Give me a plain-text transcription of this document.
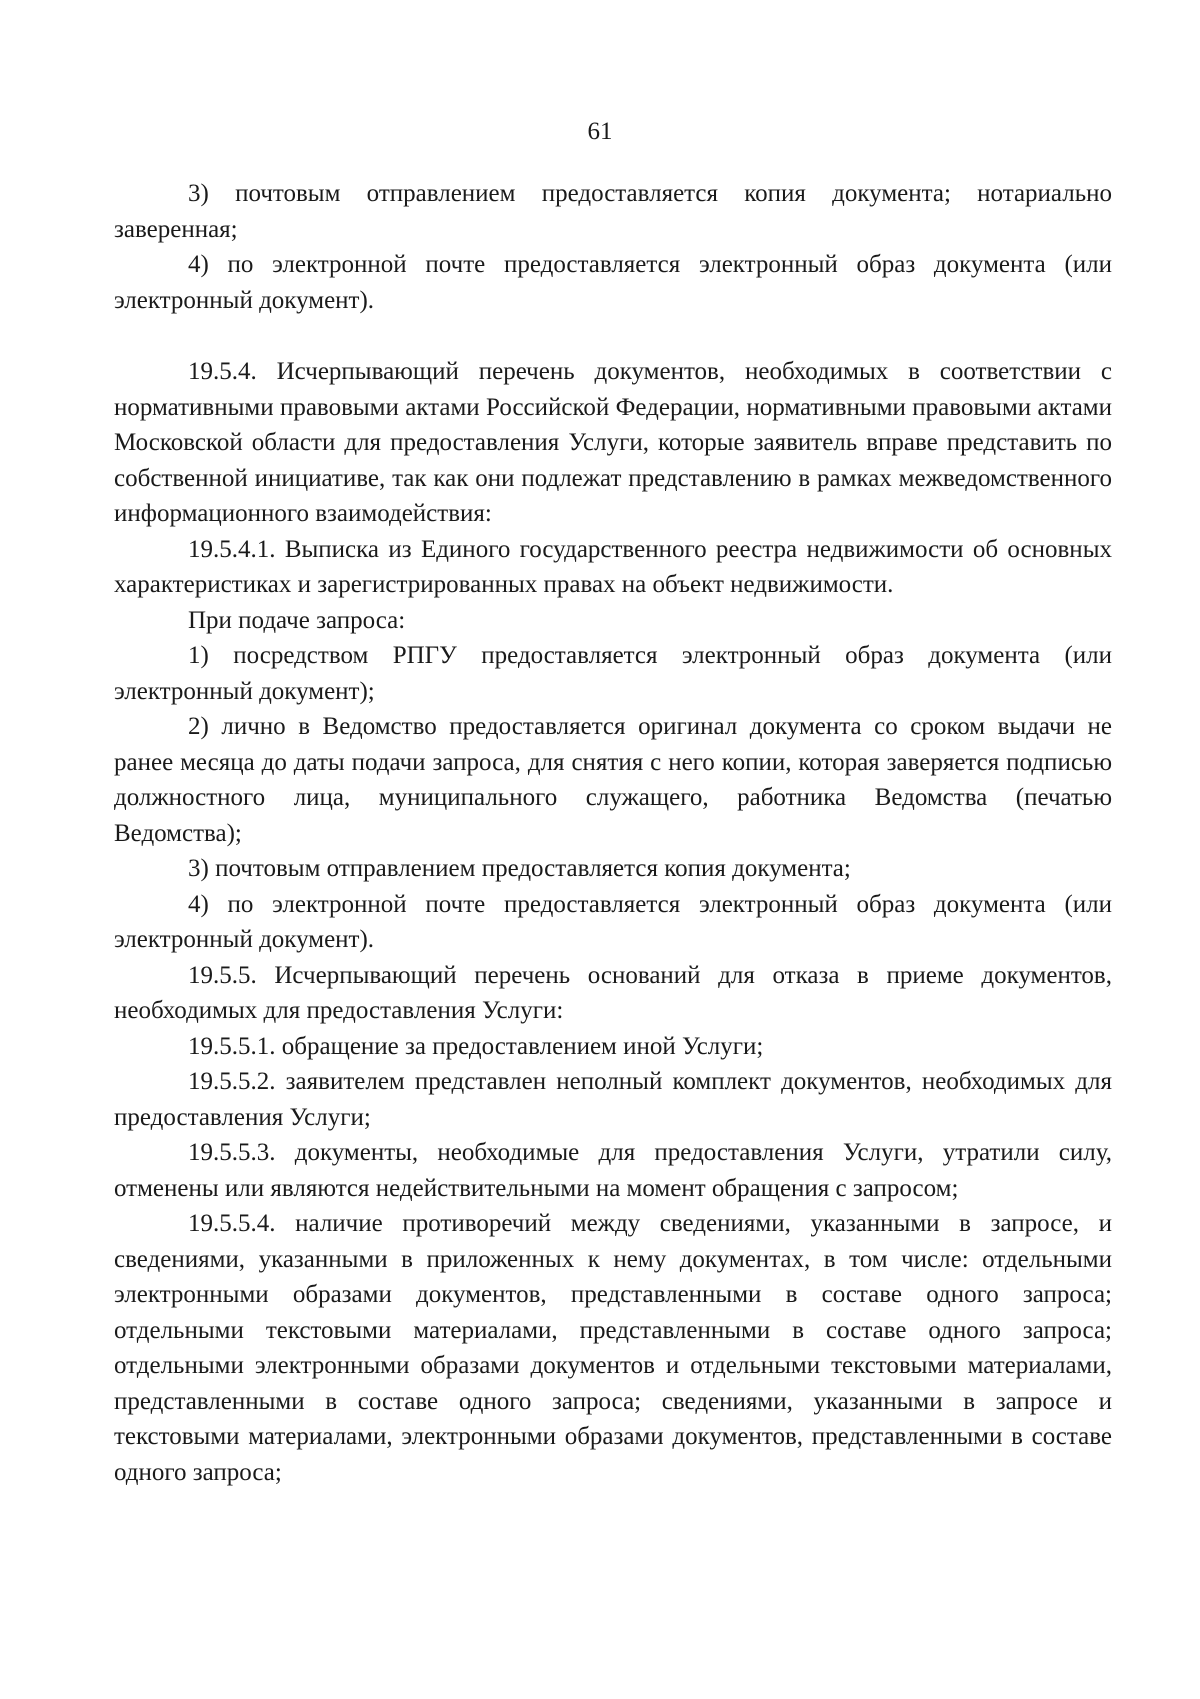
61

3) почтовым отправлением предоставляется копия документа; нотариально заверенная;

4) по электронной почте предоставляется электронный образ документа (или электронный документ).

19.5.4. Исчерпывающий перечень документов, необходимых в соответствии с нормативными правовыми актами Российской Федерации, нормативными правовыми актами Московской области для предоставления Услуги, которые заявитель вправе представить по собственной инициативе, так как они подлежат представлению в рамках межведомственного информационного взаимодействия:

19.5.4.1. Выписка из Единого государственного реестра недвижимости об основных характеристиках и зарегистрированных правах на объект недвижимости.

При подаче запроса:

1) посредством РПГУ предоставляется электронный образ документа (или электронный документ);

2) лично в Ведомство предоставляется оригинал документа со сроком выдачи не ранее месяца до даты подачи запроса, для снятия с него копии, которая заверяется подписью должностного лица, муниципального служащего, работника Ведомства (печатью Ведомства);

3) почтовым отправлением предоставляется копия документа;

4) по электронной почте предоставляется электронный образ документа (или электронный документ).

19.5.5. Исчерпывающий перечень оснований для отказа в приеме документов, необходимых для предоставления Услуги:

19.5.5.1. обращение за предоставлением иной Услуги;

19.5.5.2. заявителем представлен неполный комплект документов, необходимых для предоставления Услуги;

19.5.5.3. документы, необходимые для предоставления Услуги, утратили силу, отменены или являются недействительными на момент обращения с запросом;

19.5.5.4. наличие противоречий между сведениями, указанными в запросе, и сведениями, указанными в приложенных к нему документах, в том числе: отдельными электронными образами документов, представленными в составе одного запроса; отдельными текстовыми материалами, представленными в составе одного запроса; отдельными электронными образами документов и отдельными текстовыми материалами, представленными в составе одного запроса; сведениями, указанными в запросе и текстовыми материалами, электронными образами документов, представленными в составе одного запроса;
